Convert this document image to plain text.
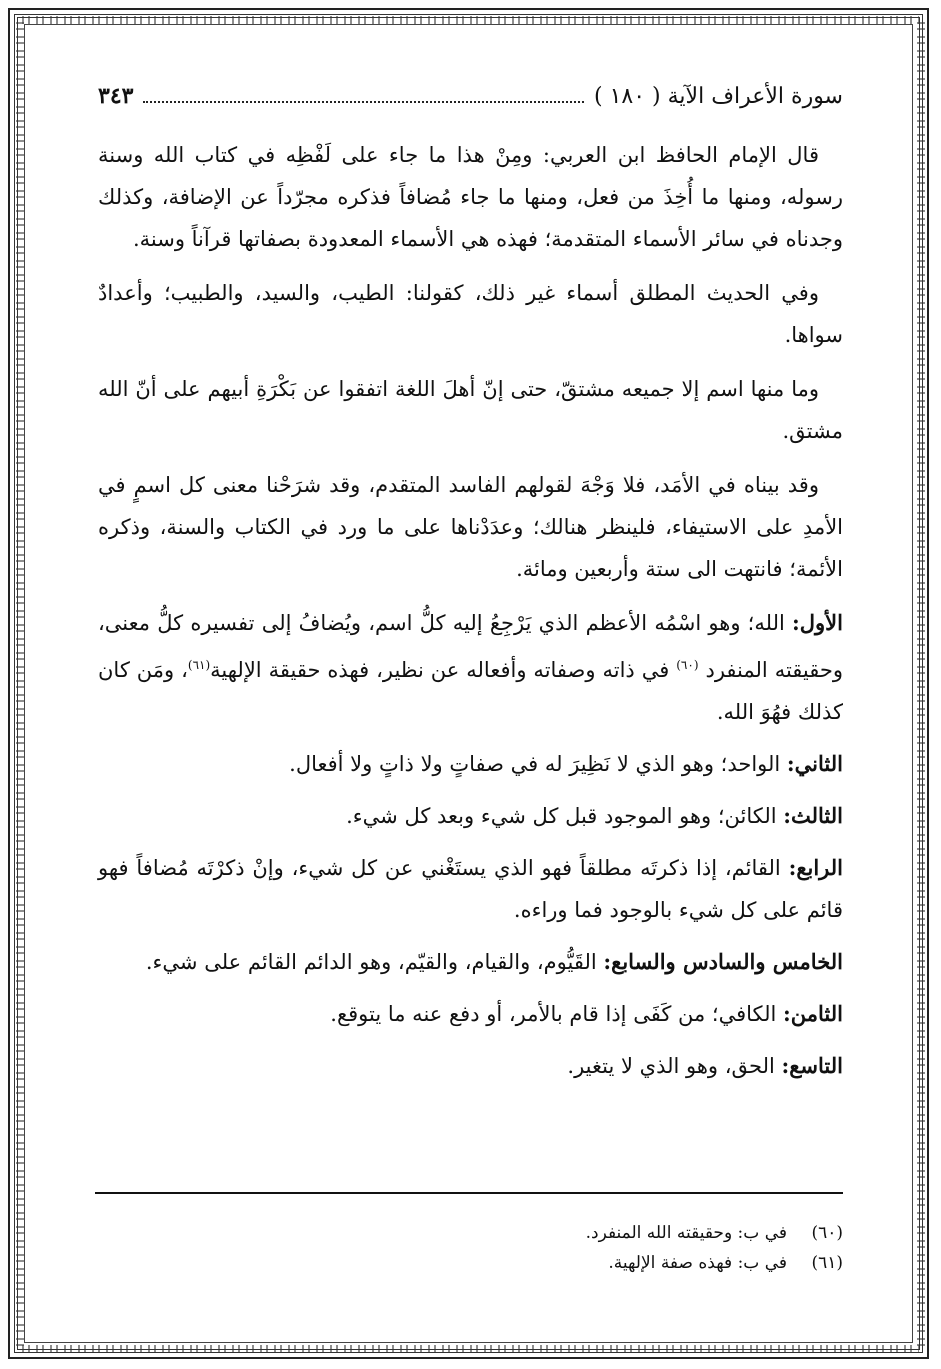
سورة الأعراف الآية ( ١٨٠ )
٣٤٣

قال الإمام الحافظ ابن العربي: ومِنْ هذا ما جاء على لَفْظِه في كتاب الله وسنة رسوله، ومنها ما أُخِذَ من فعل، ومنها ما جاء مُضافاً فذكره مجرّداً عن الإضافة، وكذلك وجدناه في سائر الأسماء المتقدمة؛ فهذه هي الأسماء المعدودة بصفاتها قرآناً وسنة.

وفي الحديث المطلق أسماء غير ذلك، كقولنا: الطيب، والسيد، والطبيب؛ وأعدادٌ سواها.

وما منها اسم إلا جميعه مشتقّ، حتى إنّ أهلَ اللغة اتفقوا عن بَكْرَةِ أبيهم على أنّ الله مشتق.

وقد بيناه في الأمَد، فلا وَجْهَ لقولهم الفاسد المتقدم، وقد شرَحْنا معنى كل اسمٍ في الأمدِ على الاستيفاء، فلينظر هنالك؛ وعدَدْناها على ما ورد في الكتاب والسنة، وذكره الأئمة؛ فانتهت الى ستة وأربعين ومائة.

الأول: الله؛ وهو اسْمُه الأعظم الذي يَرْجِعُ إليه كلُّ اسم، ويُضافُ إلى تفسيره كلُّ معنى، وحقيقته المنفرد $^{(٦٠)}$ في ذاته وصفاته وأفعاله عن نظير، فهذه حقيقة الإلهية$^{(٦١)}$، ومَن كان كذلك فهُوَ الله.

الثاني: الواحد؛ وهو الذي لا نَظِيرَ له في صفاتٍ ولا ذاتٍ ولا أفعال.

الثالث: الكائن؛ وهو الموجود قبل كل شيء وبعد كل شيء.

الرابع: القائم، إذا ذكرتَه مطلقاً فهو الذي يستَغْني عن كل شيء، وإنْ ذكرْتَه مُضافاً فهو قائم على كل شيء بالوجود فما وراءه.

الخامس والسادس والسابع: القَيُّوم، والقيام، والقيّم، وهو الدائم القائم على شيء.

الثامن: الكافي؛ من كَفَى إذا قام بالأمر، أو دفع عنه ما يتوقع.

التاسع: الحق، وهو الذي لا يتغير.

(٦٠)
في ب: وحقيقته الله المنفرد.
(٦١)
في ب: فهذه صفة الإلهية.
